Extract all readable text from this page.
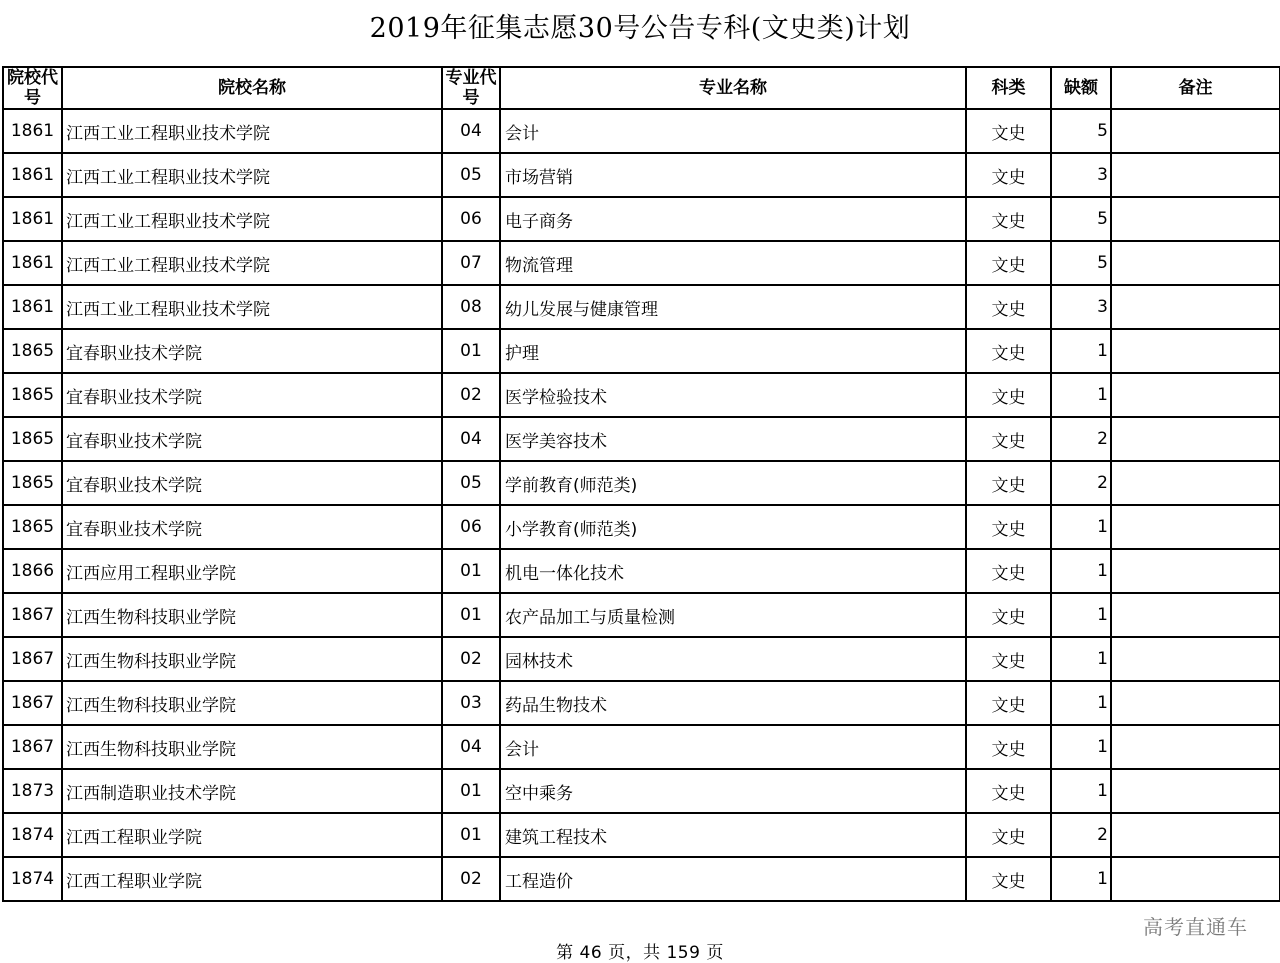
2019年征集志愿30号公告专科(文史类)计划
院校代号	院校名称	专业代号	专业名称	科类	缺额	备注
1861	江西工业工程职业技术学院	04	会计	文史	5	
1861	江西工业工程职业技术学院	05	市场营销	文史	3	
1861	江西工业工程职业技术学院	06	电子商务	文史	5	
1861	江西工业工程职业技术学院	07	物流管理	文史	5	
1861	江西工业工程职业技术学院	08	幼儿发展与健康管理	文史	3	
1865	宜春职业技术学院	01	护理	文史	1	
1865	宜春职业技术学院	02	医学检验技术	文史	1	
1865	宜春职业技术学院	04	医学美容技术	文史	2	
1865	宜春职业技术学院	05	学前教育(师范类)	文史	2	
1865	宜春职业技术学院	06	小学教育(师范类)	文史	1	
1866	江西应用工程职业学院	01	机电一体化技术	文史	1	
1867	江西生物科技职业学院	01	农产品加工与质量检测	文史	1	
1867	江西生物科技职业学院	02	园林技术	文史	1	
1867	江西生物科技职业学院	03	药品生物技术	文史	1	
1867	江西生物科技职业学院	04	会计	文史	1	
1873	江西制造职业技术学院	01	空中乘务	文史	1	
1874	江西工程职业学院	01	建筑工程技术	文史	2	
1874	江西工程职业学院	02	工程造价	文史	1	
高考直通车
第 46 页，共 159 页
